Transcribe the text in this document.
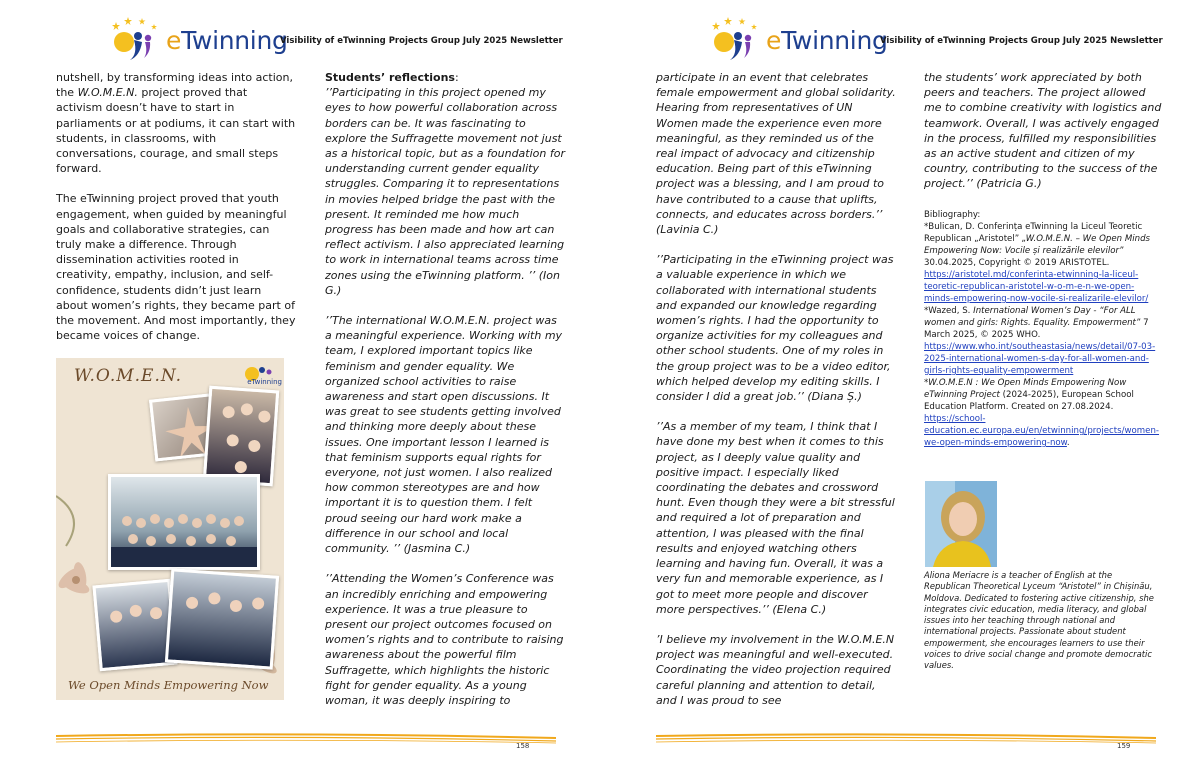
eTwinning
Visibility of eTwinning Projects Group July 2025 Newsletter

nutshell, by transforming ideas into action, the W.O.M.E.N. project proved that activism doesn’t have to start in parliaments or at podiums, it can start with students, in classrooms, with conversations, courage, and small steps forward.

The eTwinning project proved that youth engagement, when guided by meaningful goals and collaborative strategies, can truly make a difference. Through dissemination activities rooted in creativity, empathy, inclusion, and self-confidence, students didn’t just learn about women’s rights, they became part of the movement. And most importantly, they became voices of change.

W.O.M.E.N.	eTwinning
We Open Minds Empowering Now

Students’ reflections:

’’Participating in this project opened my eyes to how powerful collaboration across borders can be. It was fascinating to explore the Suffragette movement not just as a historical topic, but as a foundation for understanding current gender equality struggles. Comparing it to representations in movies helped bridge the past with the present. It reminded me how much progress has been made and how art can reflect activism. I also appreciated learning to work in international teams across time zones using the eTwinning platform. ’’ (Ion G.)

’’The international W.O.M.E.N. project was a meaningful experience. Working with my team, I explored important topics like feminism and gender equality. We organized school activities to raise awareness and start open discussions. It was great to see students getting involved and thinking more deeply about these issues. One important lesson I learned is that feminism supports equal rights for everyone, not just women. I also realized how common stereotypes are and how important it is to question them. I felt proud seeing our hard work make a difference in our school and local community. ’’ (Jasmina C.)

’’Attending the Women’s Conference was an incredibly enriching and empowering experience. It was a true pleasure to present our project outcomes focused on women’s rights and to contribute to raising awareness about the powerful film Suffragette, which highlights the historic fight for gender equality. As a young woman, it was deeply inspiring to

158
eTwinning
Visibility of eTwinning Projects Group July 2025 Newsletter

participate in an event that celebrates female empowerment and global solidarity. Hearing from representatives of UN Women made the experience even more meaningful, as they reminded us of the real impact of advocacy and citizenship education. Being part of this eTwinning project was a blessing, and I am proud to have contributed to a cause that uplifts, connects, and educates across borders.’’ (Lavinia C.)

’’Participating in the eTwinning project was a valuable experience in which we collaborated with international students and expanded our knowledge regarding women’s rights. I had the opportunity to organize activities for my colleagues and other school students. One of my roles in the group project was to be a video editor, which helped develop my editing skills. I consider I did a great job.’’ (Diana Ș.)

’’As a member of my team, I think that I have done my best when it comes to this project, as I deeply value quality and positive impact. I especially liked coordinating the debates and crossword hunt. Even though they were a bit stressful and required a lot of preparation and attention, I was pleased with the final results and enjoyed watching others learning and having fun. Overall, it was a very fun and memorable experience, as I got to meet more people and discover more perspectives.’’ (Elena C.)

’I believe my involvement in the W.O.M.E.N project was meaningful and well-executed. Coordinating the video projection required careful planning and attention to detail, and I was proud to see

the students’ work appreciated by both peers and teachers. The project allowed me to combine creativity with logistics and teamwork. Overall, I was actively engaged in the process, fulfilled my responsibilities as an active student and citizen of my country, contributing to the success of the project.’’ (Patricia G.)

Bibliography:
*Bulican, D. Conferința eTwinning la Liceul Teoretic Republican „Aristotel” „W.O.M.E.N. – We Open Minds Empowering Now: Vocile și realizările elevilor” 30.04.2025, Copyright © 2019 ARISTOTEL. https://aristotel.md/conferinta-etwinning-la-liceul-teoretic-republican-aristotel-w-o-m-e-n-we-open-minds-empowering-now-vocile-si-realizarile-elevilor/
*Wazed, S. International Women’s Day - “For ALL women and girls: Rights. Equality. Empowerment” 7 March 2025, © 2025 WHO. https://www.who.int/southeastasia/news/detail/07-03-2025-international-women-s-day-for-all-women-and-girls-rights-equality-empowerment
*W.O.M.E.N : We Open Minds Empowering Now eTwinning Project (2024-2025), European School Education Platform. Created on 27.08.2024. https://school-education.ec.europa.eu/en/etwinning/projects/women-we-open-minds-empowering-now.
Aliona Meriacre is a teacher of English at the Republican Theoretical Lyceum “Aristotel” in Chișinău, Moldova. Dedicated to fostering active citizenship, she integrates civic education, media literacy, and global issues into her teaching through national and international projects. Passionate about student empowerment, she encourages learners to use their voices to drive social change and promote democratic values.
159
